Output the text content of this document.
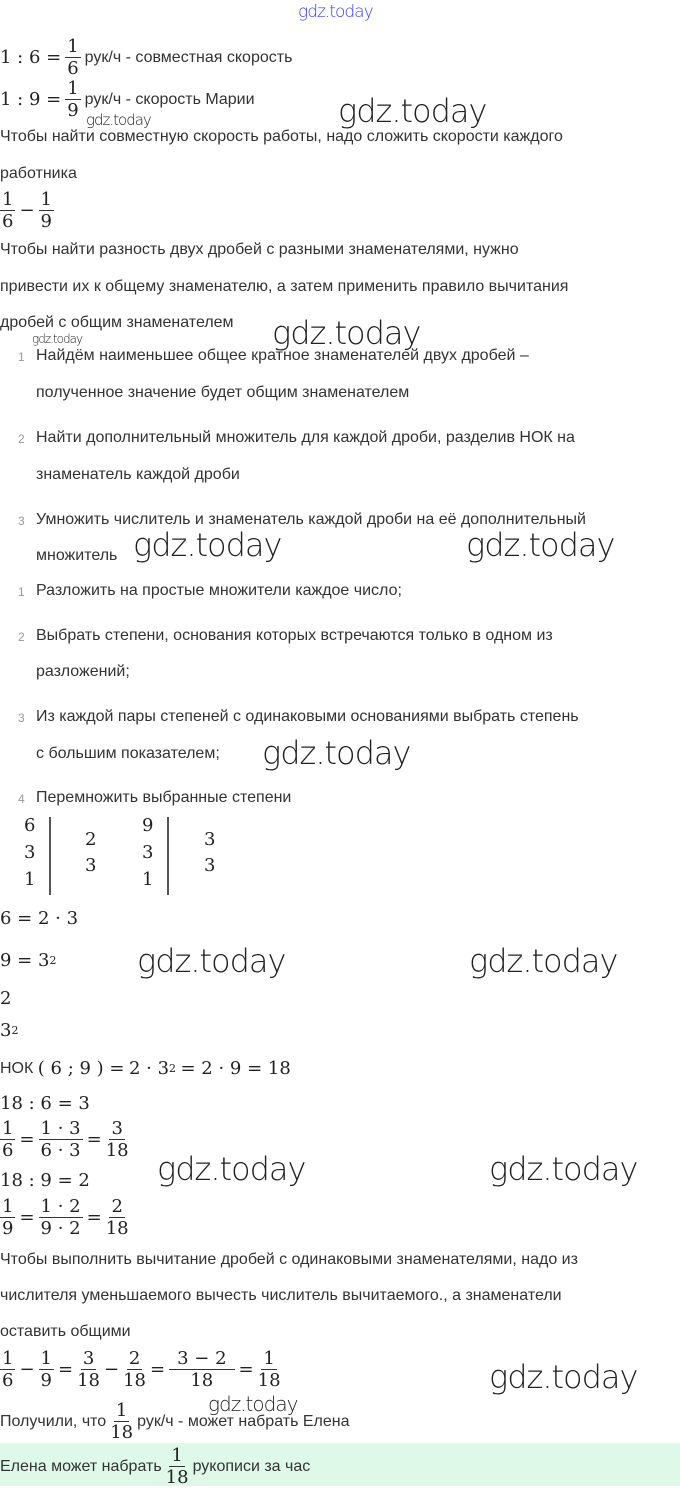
gdz.today
1 : $6 = \frac{1}{6} рук/ч$ - совместная скорость
1 : $9 = \frac{1}{9} рук/ч$ - скорость Марии
gdz.today	gdz.today
Чтобы найти совместную скорость работы, надо сложить скорости каждого
работника
$\frac{1}{6} - \frac{1}{9}$
Чтобы найти разность двух дробей с разными знаменателями, нужно
привести их к общему знаменателю, а затем применить правило вычитания
дробей с общим знаменателем
gdz.today	gdz.today
1 Найдём наименьшее общее кратное знаменателей двух дробей –
полученное значение будет общим знаменателем
2 Найти дополнительный множитель для каждой дроби, разделив НОК на
знаменатель каждой дроби
3 Умножить числитель и знаменатель каждой дроби на её дополнительный
множитель gdz.today	gdz.today
1 Разложить на простые множители каждое число;
2 Выбрать степени, основания которых встречаются только в одном из
разложений;
3 Из каждой пары степеней с одинаковыми основаниями выбрать степень
с большим показателем; gdz.today
4 Перемножить выбранные степени
6
3
1
2
3
9
3
1
3
3
6 = 2 · 3
9 = 3 2	gdz.today	gdz.today
2
3 2
НОК
( 6 ; 9 ) =
2 · 3 2
= 2 · 9 = 18
18 : 6 = 3
$\frac{1}{6} = \frac{1 \cdot 3}{6 \cdot 3} = \frac{3}{18}$
gdz.today	gdz.today
18 : 9 = 2
$\frac{1}{9} = \frac{1 \cdot 2}{9 \cdot 2} = \frac{2}{18}$
Чтобы выполнить вычитание дробей с одинаковыми знаменателями, надо из
числителя уменьшаемого вычесть числитель вычитаемого., а знаменатели
оставить общими
$\frac{1}{6} - \frac{1}{9} = \frac{3}{18} - \frac{2}{18} = \frac{3 - 2}{18} = \frac{1}{18}$	gdz.today
gdz.today
Получили, что $\frac{1}{18} рук/ч$ - может набрать Елена
Елена может набрать $\frac{1}{18}$ рукописи за час
